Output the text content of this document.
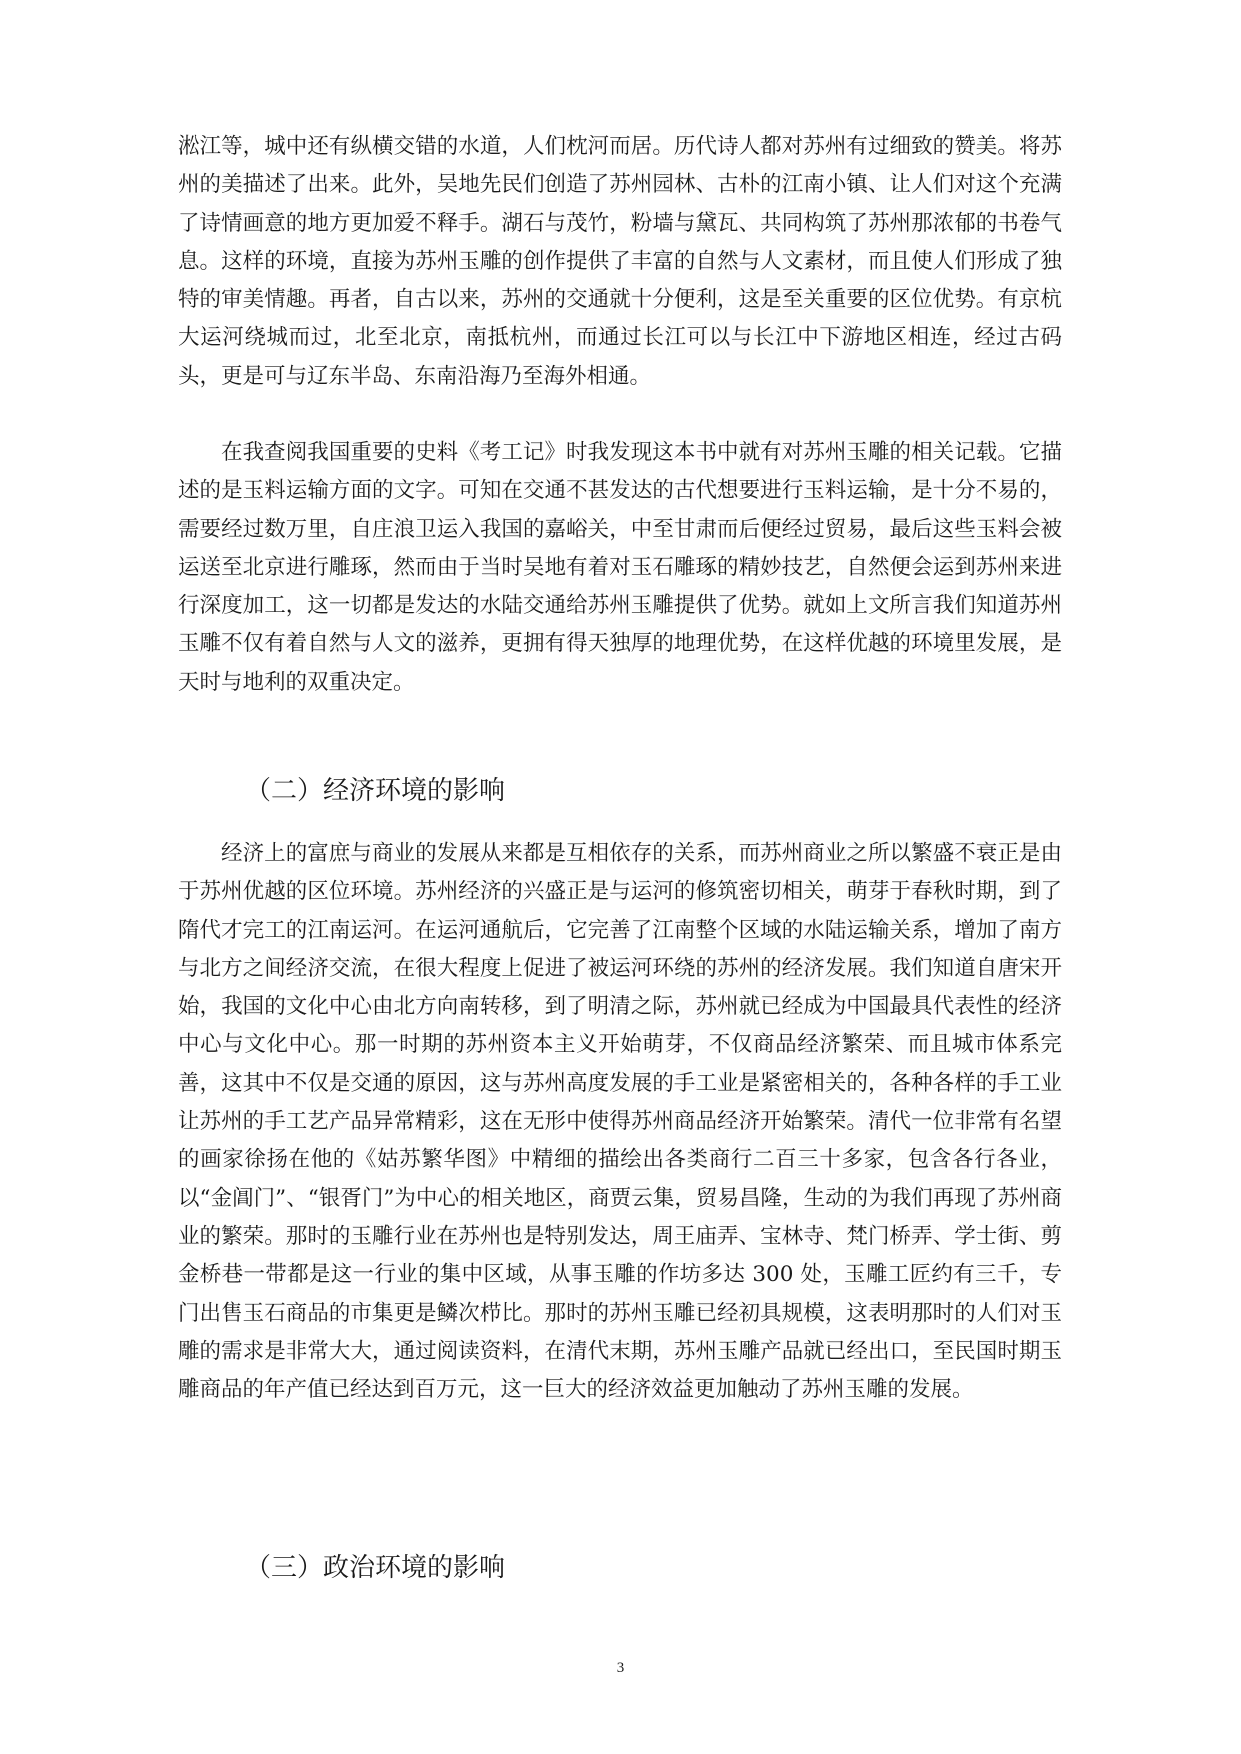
淞江等，城中还有纵横交错的水道，人们枕河而居。历代诗人都对苏州有过细致的赞美。将苏州的美描述了出来。此外，吴地先民们创造了苏州园林、古朴的江南小镇、让人们对这个充满了诗情画意的地方更加爱不释手。湖石与茂竹，粉墙与黛瓦、共同构筑了苏州那浓郁的书卷气息。这样的环境，直接为苏州玉雕的创作提供了丰富的自然与人文素材，而且使人们形成了独特的审美情趣。再者，自古以来，苏州的交通就十分便利，这是至关重要的区位优势。有京杭大运河绕城而过，北至北京，南抵杭州，而通过长江可以与长江中下游地区相连，经过古码头，更是可与辽东半岛、东南沿海乃至海外相通。

在我查阅我国重要的史料《考工记》时我发现这本书中就有对苏州玉雕的相关记载。它描述的是玉料运输方面的文字。可知在交通不甚发达的古代想要进行玉料运输，是十分不易的，需要经过数万里，自庄浪卫运入我国的嘉峪关，中至甘肃而后便经过贸易，最后这些玉料会被运送至北京进行雕琢，然而由于当时吴地有着对玉石雕琢的精妙技艺，自然便会运到苏州来进行深度加工，这一切都是发达的水陆交通给苏州玉雕提供了优势。就如上文所言我们知道苏州玉雕不仅有着自然与人文的滋养，更拥有得天独厚的地理优势，在这样优越的环境里发展，是天时与地利的双重决定。

（二）经济环境的影响

经济上的富庶与商业的发展从来都是互相依存的关系，而苏州商业之所以繁盛不衰正是由于苏州优越的区位环境。苏州经济的兴盛正是与运河的修筑密切相关，萌芽于春秋时期，到了隋代才完工的江南运河。在运河通航后，它完善了江南整个区域的水陆运输关系，增加了南方与北方之间经济交流，在很大程度上促进了被运河环绕的苏州的经济发展。我们知道自唐宋开始，我国的文化中心由北方向南转移，到了明清之际，苏州就已经成为中国最具代表性的经济中心与文化中心。那一时期的苏州资本主义开始萌芽，不仅商品经济繁荣、而且城市体系完善，这其中不仅是交通的原因，这与苏州高度发展的手工业是紧密相关的，各种各样的手工业让苏州的手工艺产品异常精彩，这在无形中使得苏州商品经济开始繁荣。清代一位非常有名望的画家徐扬在他的《姑苏繁华图》中精细的描绘出各类商行二百三十多家，包含各行各业，以“金阊门”、“银胥门”为中心的相关地区，商贾云集，贸易昌隆，生动的为我们再现了苏州商业的繁荣。那时的玉雕行业在苏州也是特别发达，周王庙弄、宝林寺、梵门桥弄、学士街、剪金桥巷一带都是这一行业的集中区域，从事玉雕的作坊多达 300 处，玉雕工匠约有三千，专门出售玉石商品的市集更是鳞次栉比。那时的苏州玉雕已经初具规模，这表明那时的人们对玉雕的需求是非常大大，通过阅读资料，在清代末期，苏州玉雕产品就已经出口，至民国时期玉雕商品的年产值已经达到百万元，这一巨大的经济效益更加触动了苏州玉雕的发展。

（三）政治环境的影响
3
